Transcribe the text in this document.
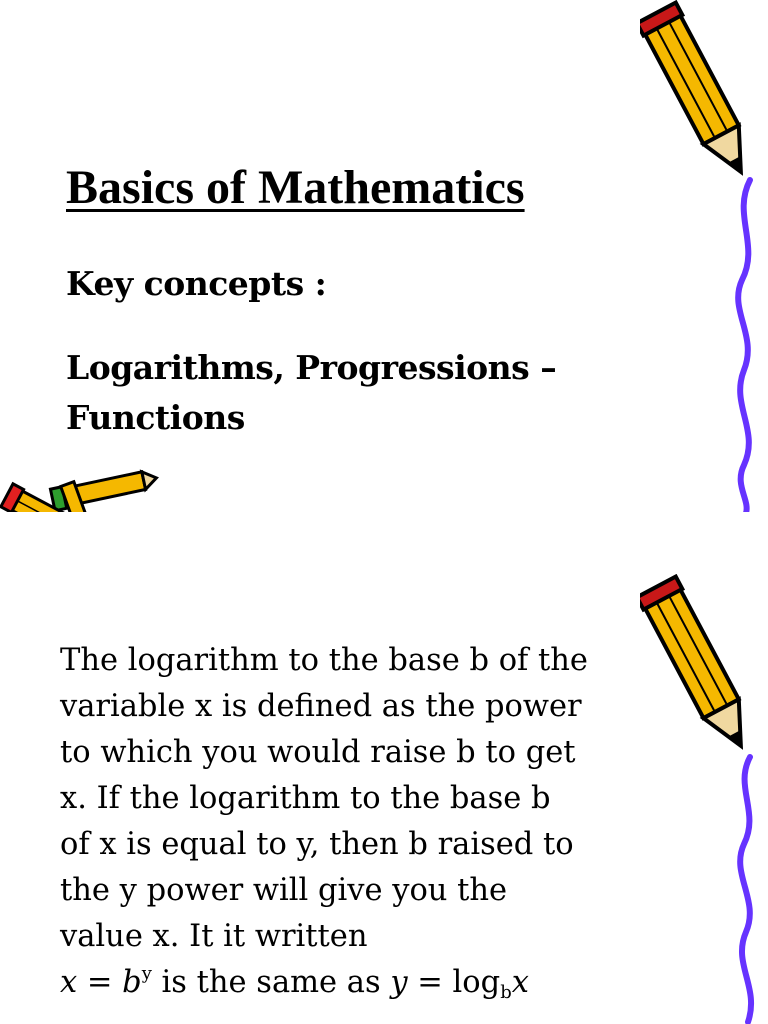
Basics of Mathematics
Key concepts :
Logarithms, Progressions – Functions
The logarithm to the base b of the
variable x is defined as the power
to which you would raise b to get
x. If the logarithm to the base b
of x is equal to y, then b raised to
the y power will give you the
value x. It it written
$x = b^y$ is the same as $y = \log_bx$
